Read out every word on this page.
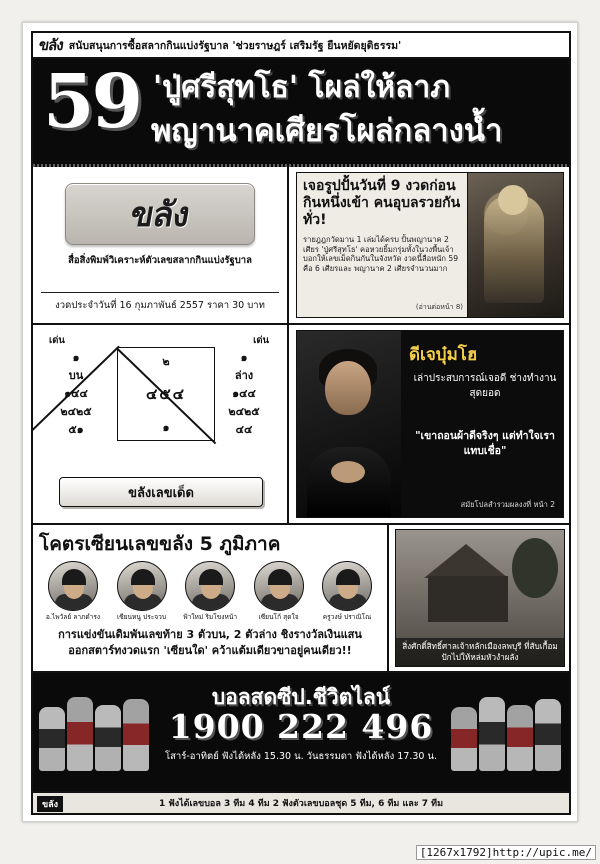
ขลัง สนับสนุนการซื้อสลากกินแบ่งรัฐบาล 'ช่วยราษฎร์ เสริมรัฐ ยืนหยัดยุติธรรม'
59 'ปู่ศรีสุทโธ' โผล่ให้ลาภ
พญานาคเศียรโผล่กลางน้ำ
ขลัง
สื่อสิ่งพิมพ์วิเคราะห์ตัวเลขสลากกินแบ่งรัฐบาล
งวดประจำวันที่ 16 กุมภาพันธ์ 2557 ราคา 30 บาท
เจอรูปปั้นวันที่ 9 งวดก่อนกินหนึ่งเข้า คนอุบลรวยกันทั่ว!
รายฎฎกวัดมาน 1 เล่มได้ครบ ปั้นพญานาค 2 เศียร 'ปู่ศรีสุทโธ' คอหวยยิ้มกรุ่มทั้งในวงพื้นเจ้า บอกให้เลขเม็ดกินกันในจังหวัด งวดนี้ลือหนัก 59 คือ 6 เศียรและ พญานาค 2 เศียรจำนวนมาก
(อ่านต่อหน้า 8)
เด่น	เด่น
๑
บน
๑๔๔
๒๔๒๕
๕๑
๑
ล่าง
๑๔๔
๒๔๒๕
๔๔
๒
๔๕๔
๑
ขลังเลขเด็ด
ดีเจบุ๋มโฮ
เล่าประสบการณ์เจอดี ช่างทำงานสุดยอด
"เขาถอนผ้าดีจริงๆ แต่ทำใจเราแทบเชื่อ"
สมัยโปลสำรวมผลงงที่ หน้า 2
โคตรเซียนเลขขลัง 5 ภูมิภาค
อ.ไพวัลย์ ลาภดำรง	เซียนหนู ประจวบ	ฟ้าใหม่ ริมโขงหน้า	เซียนโก้ สุดใจ	ครูวงษ์ ปราณิโณ
การแข่งขันเดิมพันเลขท้าย 3 ตัวบน, 2 ตัวล่าง ชิงรางวัลเงินแสน
ออกสตาร์ทงวดแรก 'เซียนใด' คว้าแต้มเดียวขาอยู่คนเดียว!!	สิ่งศักดิ์สิทธิ์ศาลเจ้าหลักเมืองลพบุรี ที่สับเกื้อมปักไปให้หล่มหัวงำผลัง
บอลสดซีป.ชีวิตไลน์
1900 222 496
โสาร์-อาทิตย์ ฟังได้หลัง 15.30 น. วันธรรมดา ฟังได้หลัง 17.30 น.
ขลัง	1 ฟังได้เลขบอล 3 ทีม 4 ทีม 2 ฟังตัวเลขบอลชุด 5 ทีม, 6 ทีม และ 7 ทีม
[1267x1792]http://upic.me/
